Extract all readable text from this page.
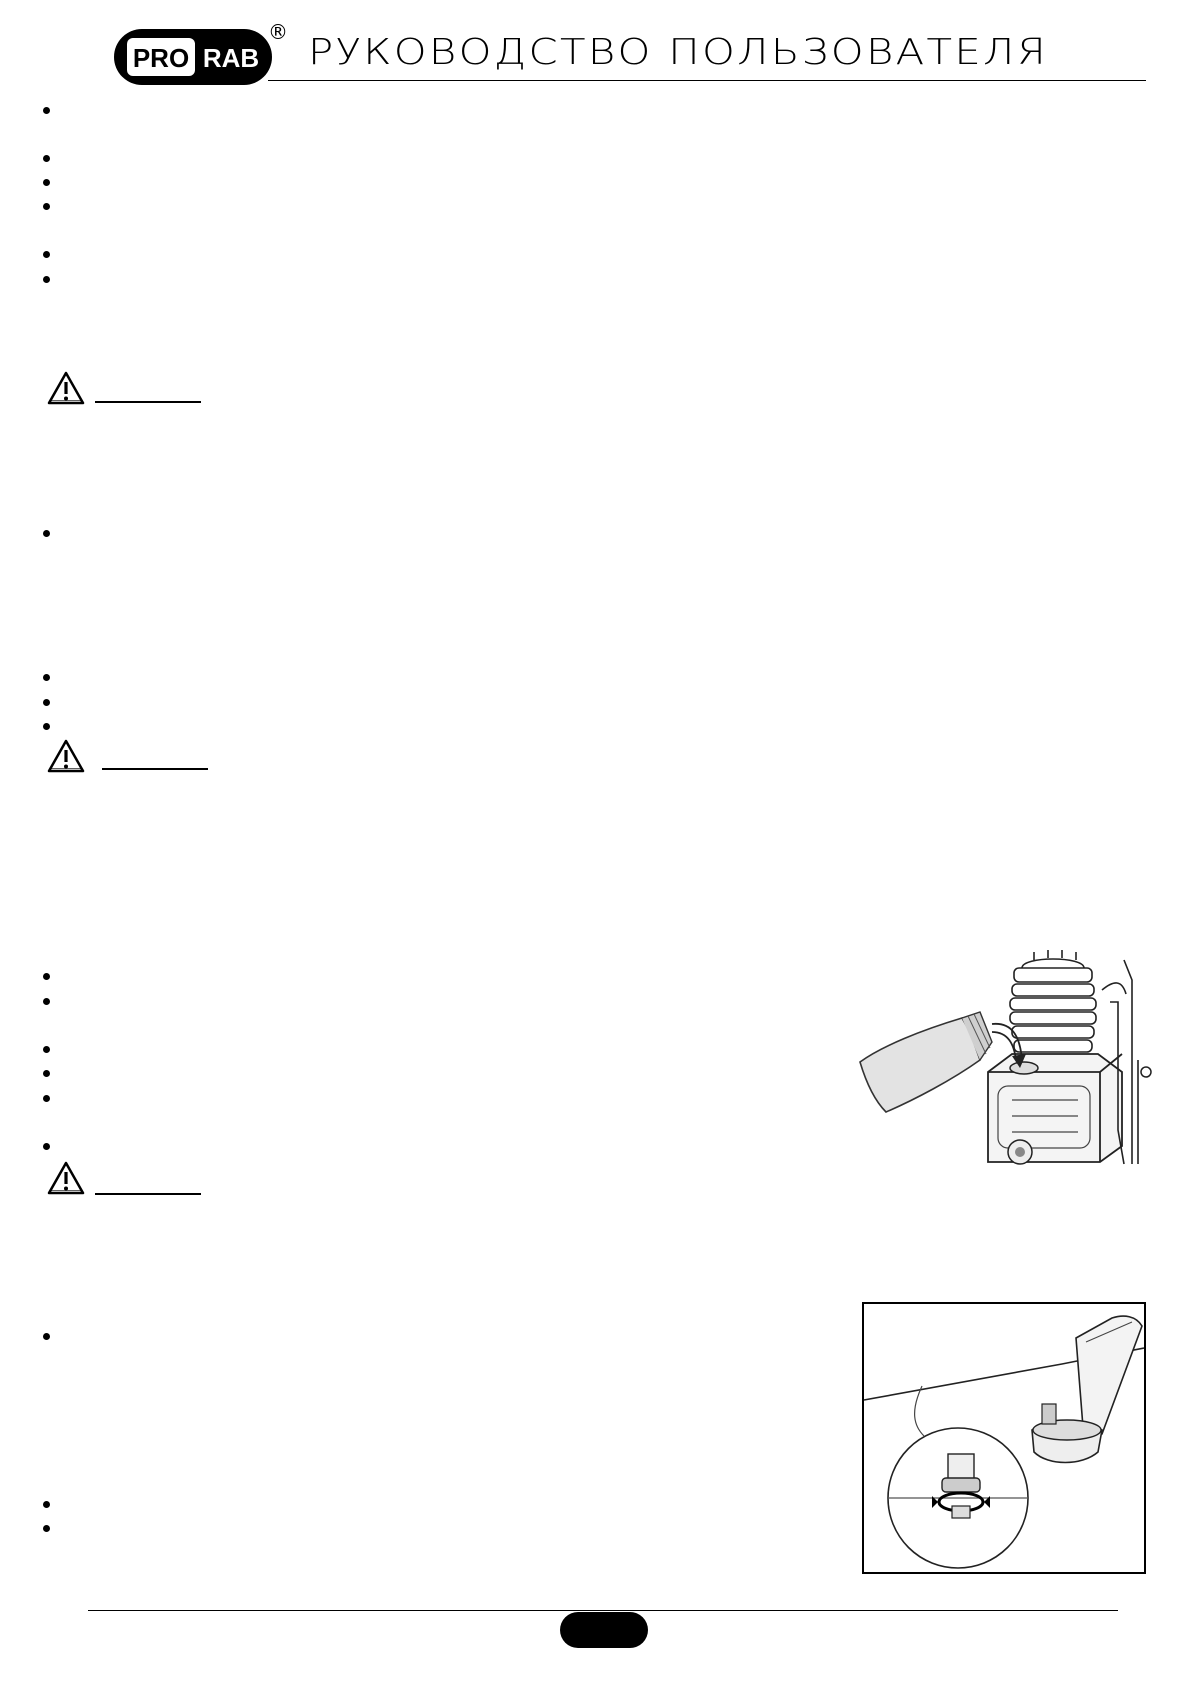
PRO RAB
® РУКОВОДСТВО ПОЛЬЗОВАТЕЛЯ
